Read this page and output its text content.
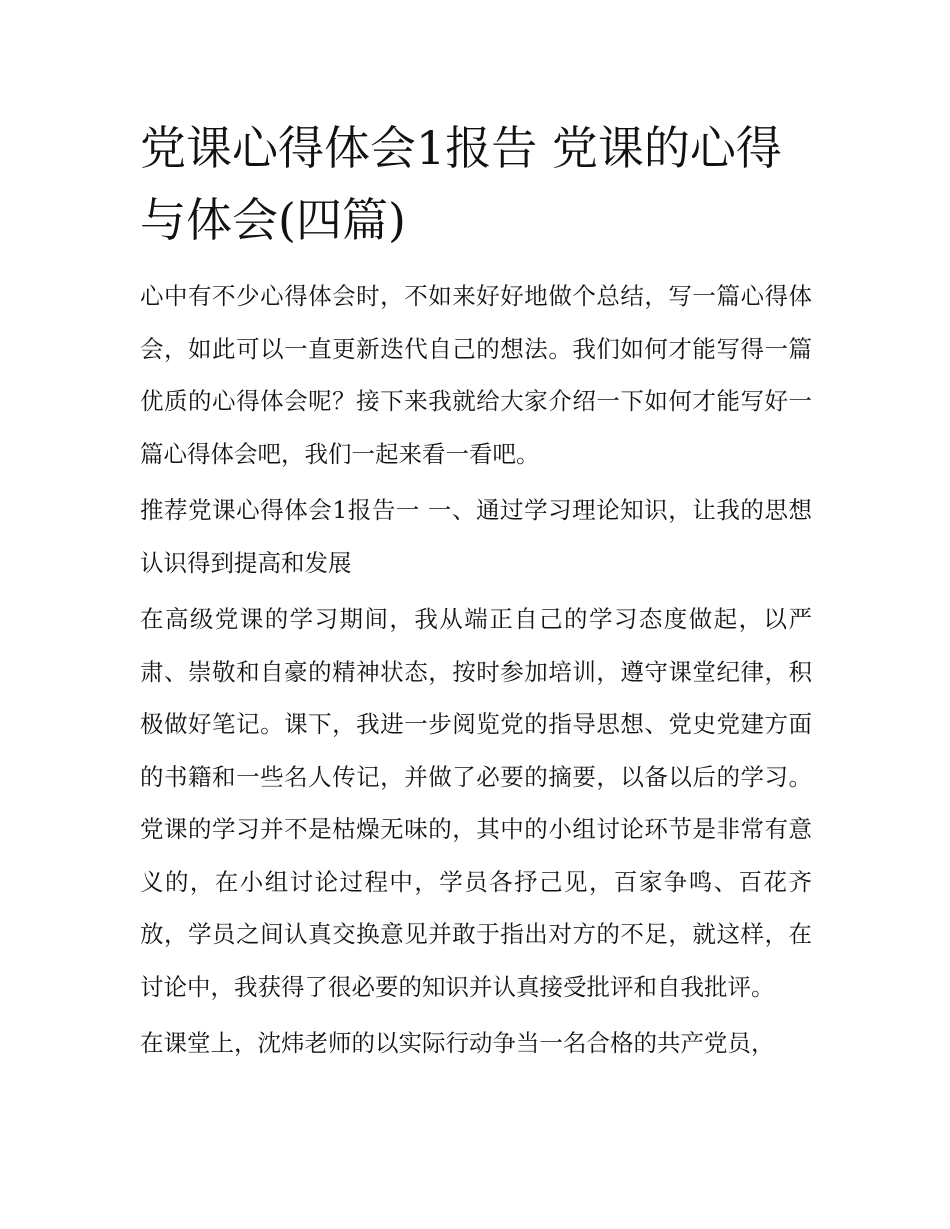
党课心得体会1报告 党课的心得与体会(四篇)

心中有不少心得体会时，不如来好好地做个总结，写一篇心得体会，如此可以一直更新迭代自己的想法。我们如何才能写得一篇优质的心得体会呢？接下来我就给大家介绍一下如何才能写好一篇心得体会吧，我们一起来看一看吧。

推荐党课心得体会1报告一 一、通过学习理论知识，让我的思想认识得到提高和发展

在高级党课的学习期间，我从端正自己的学习态度做起，以严肃、崇敬和自豪的精神状态，按时参加培训，遵守课堂纪律，积极做好笔记。课下，我进一步阅览党的指导思想、党史党建方面的书籍和一些名人传记，并做了必要的摘要，以备以后的学习。党课的学习并不是枯燥无味的，其中的小组讨论环节是非常有意义的，在小组讨论过程中，学员各抒己见，百家争鸣、百花齐放，学员之间认真交换意见并敢于指出对方的不足，就这样，在讨论中，我获得了很必要的知识并认真接受批评和自我批评。

在课堂上，沈炜老师的以实际行动争当一名合格的共产党员，
